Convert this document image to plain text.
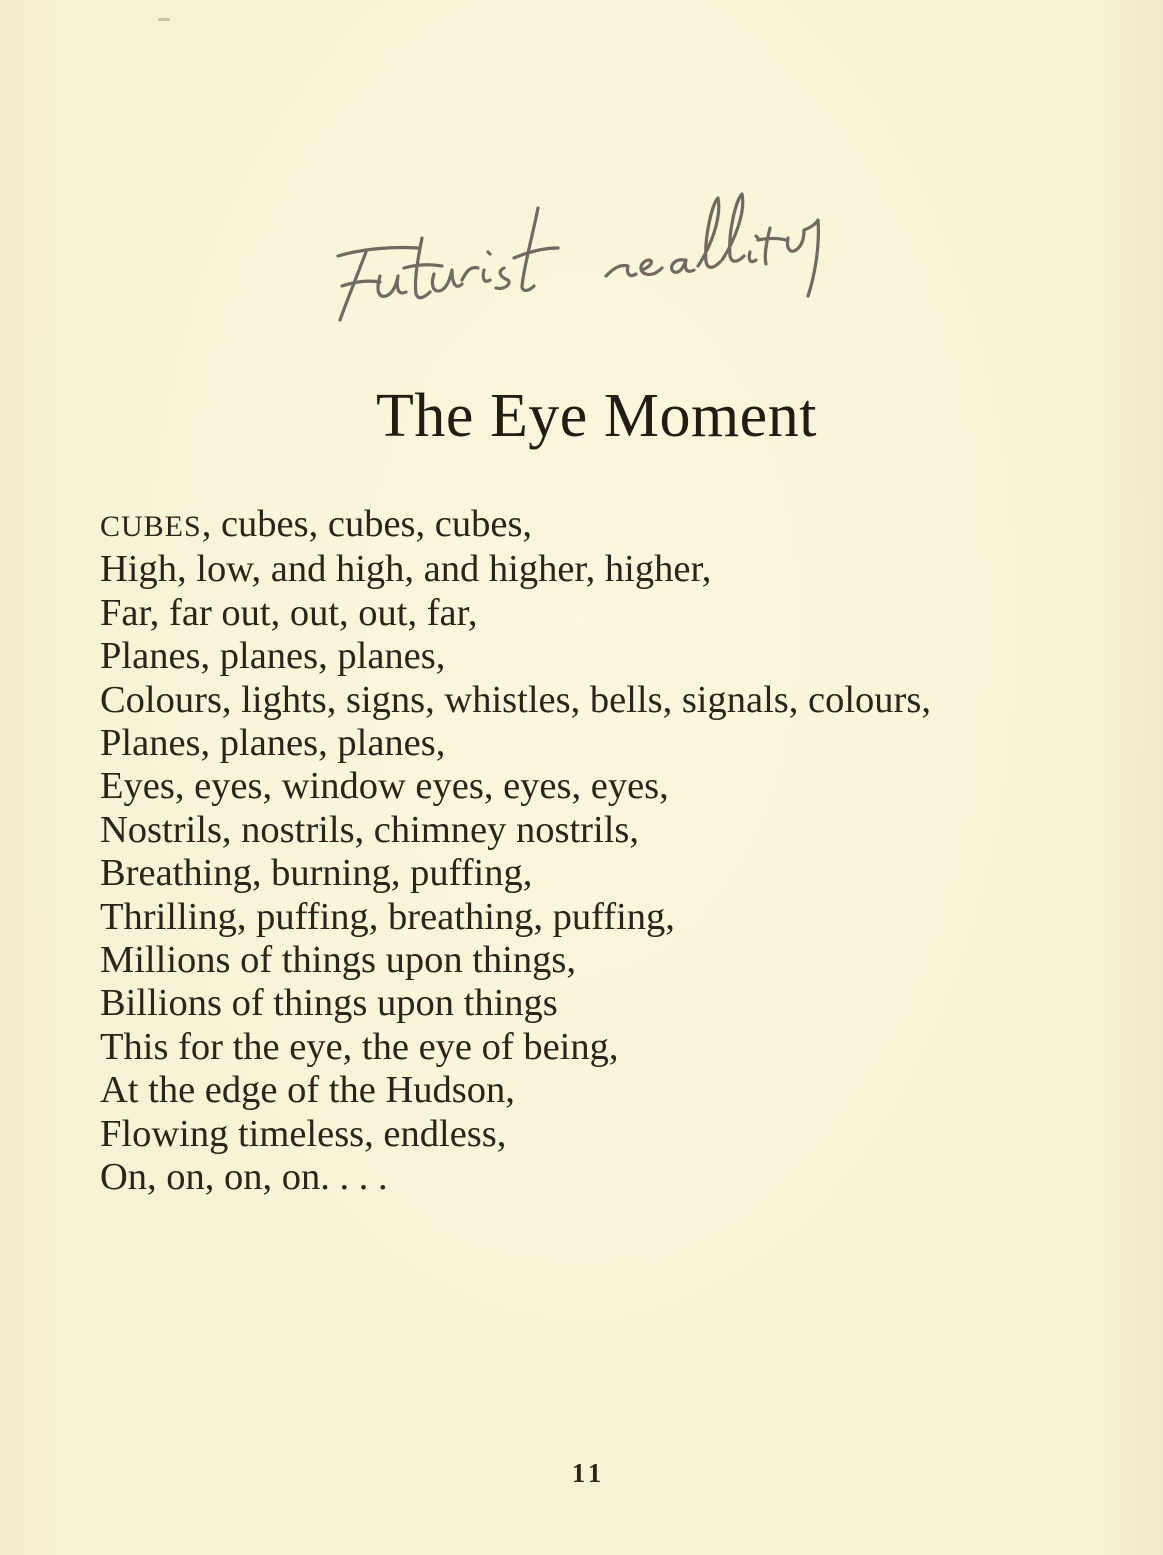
The Eye Moment
CUBES, cubes, cubes, cubes,
High, low, and high, and higher, higher,
Far, far out, out, out, far,
Planes, planes, planes,
Colours, lights, signs, whistles, bells, signals, colours,
Planes, planes, planes,
Eyes, eyes, window eyes, eyes, eyes,
Nostrils, nostrils, chimney nostrils,
Breathing, burning, puffing,
Thrilling, puffing, breathing, puffing,
Millions of things upon things,
Billions of things upon things
This for the eye, the eye of being,
At the edge of the Hudson,
Flowing timeless, endless,
On, on, on, on. . . .
11
